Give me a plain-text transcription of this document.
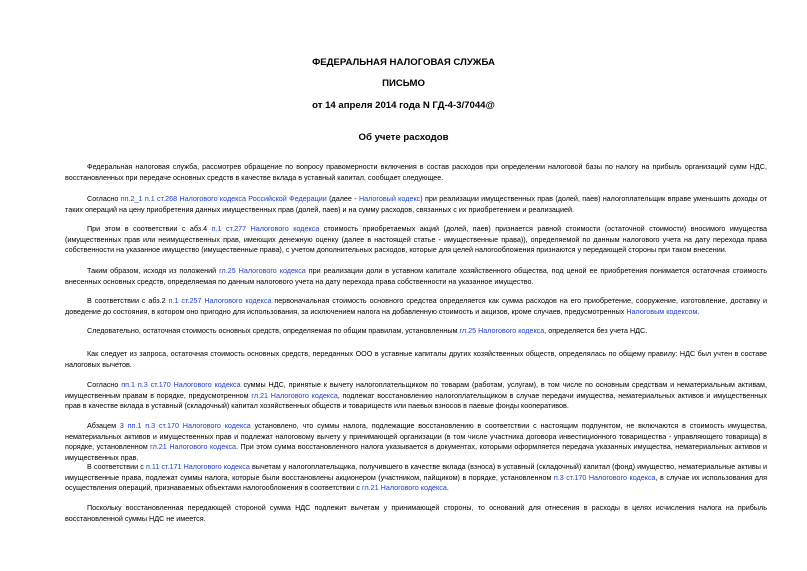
ФЕДЕРАЛЬНАЯ НАЛОГОВАЯ СЛУЖБА
ПИСЬМО
от 14 апреля 2014 года N ГД-4-3/7044@
Об учете расходов

Федеральная налоговая служба, рассмотрев обращение по вопросу правомерности включения в состав расходов при определении налоговой базы по налогу на прибыль организаций сумм НДС, восстановленных при передаче основных средств в качестве вклада в уставный капитал, сообщает следующее.

Согласно пп.2_1 п.1 ст.268 Налогового кодекса Российской Федерации (далее - Налоговый кодекс) при реализации имущественных прав (долей, паев) налогоплательщик вправе уменьшить доходы от таких операций на цену приобретения данных имущественных прав (долей, паев) и на сумму расходов, связанных с их приобретением и реализацией.

При этом в соответствии с абз.4 п.1 ст.277 Налогового кодекса стоимость приобретаемых акций (долей, паев) признается равной стоимости (остаточной стоимости) вносимого имущества (имущественных прав или неимущественных прав, имеющих денежную оценку (далее в настоящей статье - имущественные права)), определяемой по данным налогового учета на дату перехода права собственности на указанное имущество (имущественные права), с учетом дополнительных расходов, которые для целей налогообложения признаются у передающей стороны при таком внесении.

Таким образом, исходя из положений гл.25 Налогового кодекса при реализации доли в уставном капитале хозяйственного общества, под ценой ее приобретения понимается остаточная стоимость внесенных основных средств, определяемая по данным налогового учета на дату перехода права собственности на указанное имущество.

В соответствии с абз.2 п.1 ст.257 Налогового кодекса первоначальная стоимость основного средства определяется как сумма расходов на его приобретение, сооружение, изготовление, доставку и доведение до состояния, в котором оно пригодно для использования, за исключением налога на добавленную стоимость и акцизов, кроме случаев, предусмотренных Налоговым кодексом.

Следовательно, остаточная стоимость основных средств, определяемая по общим правилам, установленным гл.25 Налогового кодекса, определяется без учета НДС.

Как следует из запроса, остаточная стоимость основных средств, переданных ООО в уставные капиталы других хозяйственных обществ, определялась по общему правилу: НДС был учтен в составе налоговых вычетов.

Согласно пп.1 п.3 ст.170 Налогового кодекса суммы НДС, принятые к вычету налогоплательщиком по товарам (работам, услугам), в том числе по основным средствам и нематериальным активам, имущественным правам в порядке, предусмотренном гл.21 Налогового кодекса, подлежат восстановлению налогоплательщиком в случае передачи имущества, нематериальных активов и имущественных прав в качестве вклада в уставный (складочный) капитал хозяйственных обществ и товариществ или паевых взносов в паевые фонды кооперативов.

Абзацем 3 пп.1 п.3 ст.170 Налогового кодекса установлено, что суммы налога, подлежащие восстановлению в соответствии с настоящим подпунктом, не включаются в стоимость имущества, нематериальных активов и имущественных прав и подлежат налоговому вычету у принимающей организации (в том числе участника договора инвестиционного товарищества - управляющего товарища) в порядке, установленном гл.21 Налогового кодекса. При этом сумма восстановленного налога указывается в документах, которыми оформляется передача указанных имущества, нематериальных активов и имущественных прав.

В соответствии с п.11 ст.171 Налогового кодекса вычетам у налогоплательщика, получившего в качестве вклада (взноса) в уставный (складочный) капитал (фонд) имущество, нематериальные активы и имущественные права, подлежат суммы налога, которые были восстановлены акционером (участником, пайщиком) в порядке, установленном п.3 ст.170 Налогового кодекса, в случае их использования для осуществления операций, признаваемых объектами налогообложения в соответствии с гл.21 Налогового кодекса.

Поскольку восстановленная передающей стороной сумма НДС подлежит вычетам у принимающей стороны, то оснований для отнесения в расходы в целях исчисления налога на прибыль восстановленной суммы НДС не имеется.
